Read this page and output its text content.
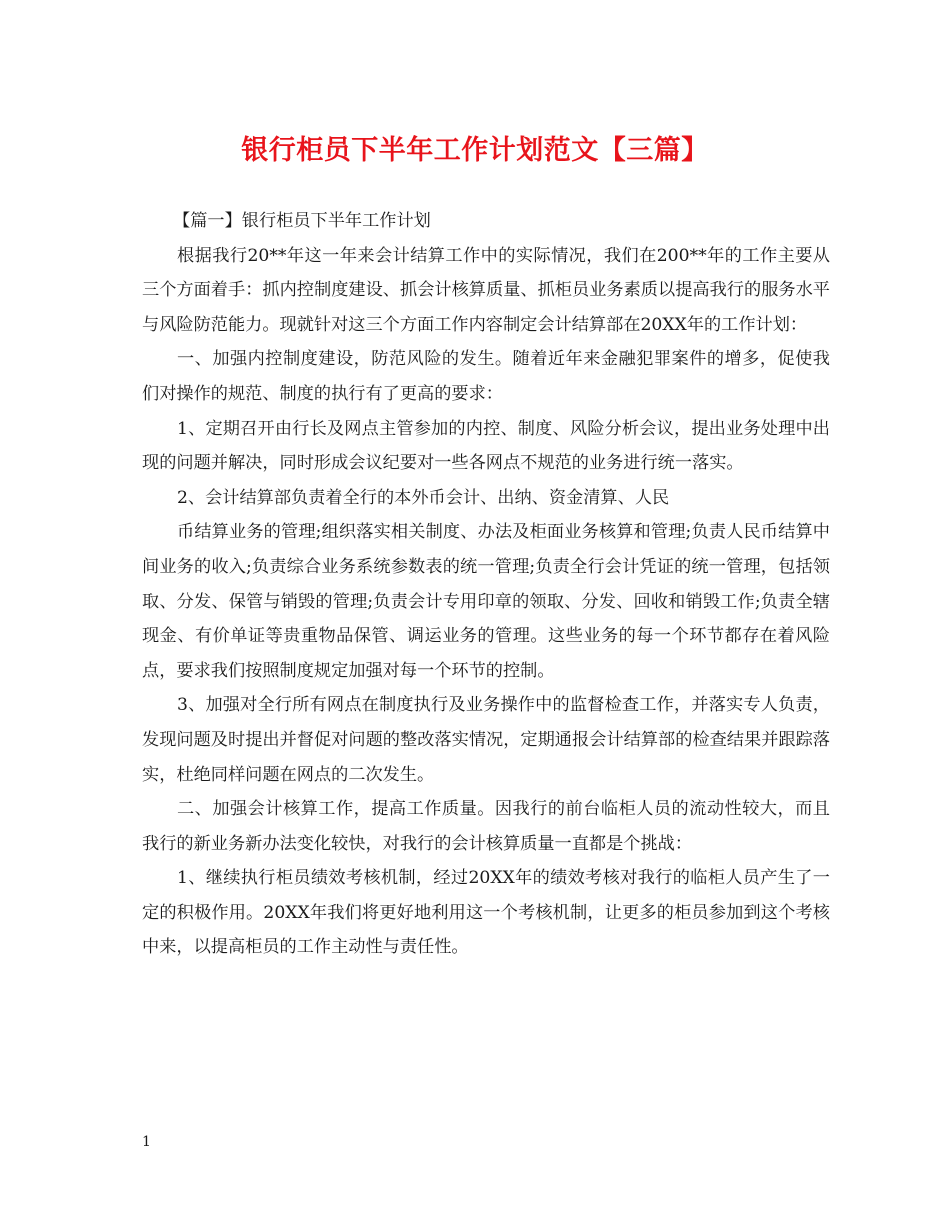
银行柜员下半年工作计划范文【三篇】

【篇一】银行柜员下半年工作计划

根据我行20**年这一年来会计结算工作中的实际情况，我们在200**年的工作主要从三个方面着手：抓内控制度建设、抓会计核算质量、抓柜员业务素质以提高我行的服务水平与风险防范能力。现就针对这三个方面工作内容制定会计结算部在20XX年的工作计划：

一、加强内控制度建设，防范风险的发生。随着近年来金融犯罪案件的增多，促使我们对操作的规范、制度的执行有了更高的要求：

1、定期召开由行长及网点主管参加的内控、制度、风险分析会议，提出业务处理中出现的问题并解决，同时形成会议纪要对一些各网点不规范的业务进行统一落实。

2、会计结算部负责着全行的本外币会计、出纳、资金清算、人民

币结算业务的管理;组织落实相关制度、办法及柜面业务核算和管理;负责人民币结算中间业务的收入;负责综合业务系统参数表的统一管理;负责全行会计凭证的统一管理，包括领取、分发、保管与销毁的管理;负责会计专用印章的领取、分发、回收和销毁工作;负责全辖现金、有价单证等贵重物品保管、调运业务的管理。这些业务的每一个环节都存在着风险点，要求我们按照制度规定加强对每一个环节的控制。

3、加强对全行所有网点在制度执行及业务操作中的监督检查工作，并落实专人负责，发现问题及时提出并督促对问题的整改落实情况，定期通报会计结算部的检查结果并跟踪落实，杜绝同样问题在网点的二次发生。

二、加强会计核算工作，提高工作质量。因我行的前台临柜人员的流动性较大，而且我行的新业务新办法变化较快，对我行的会计核算质量一直都是个挑战：

1、继续执行柜员绩效考核机制，经过20XX年的绩效考核对我行的临柜人员产生了一定的积极作用。20XX年我们将更好地利用这一个考核机制，让更多的柜员参加到这个考核中来，以提高柜员的工作主动性与责任性。

1
